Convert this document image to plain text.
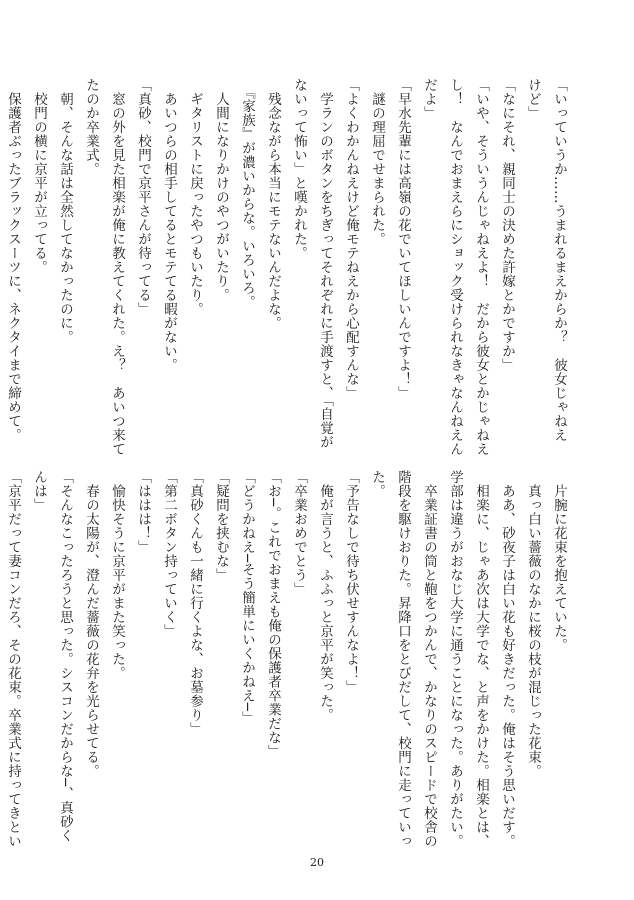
「いっていうか……うまれるまえからか？　彼女じゃねえ
けど」
「なにそれ、親同士の決めた許嫁とかですか」
「いや、そういうんじゃねえよ！　だから彼女とかじゃねえ
し！　なんでおまえらにショック受けられなきゃなんねえん
だよ」
「早水先輩には高嶺の花でいてほしいんですよ！」
　謎の理屈でせまられた。
「よくわかんねえけど俺モテねえから心配すんな」
　学ランのボタンをちぎってそれぞれに手渡すと、「自覚が
ないって怖い」と嘆かれた。
　残念ながら本当にモテないんだよな。
　『家族』が濃いからな。いろいろ。
　人間になりかけのやつがいたり。
　ギタリストに戻ったやつもいたり。
　あいつらの相手してるとモテてる暇がない。
「真砂、校門で京平さんが待ってる」
　窓の外を見た相楽が俺に教えてくれた。え？　あいつ来て
たのか卒業式。
　朝、そんな話は全然してなかったのに。
　校門の横に京平が立ってる。
　保護者ぶったブラックスーツに、ネクタイまで締めて。
　片腕に花束を抱えていた。
　真っ白い薔薇のなかに桜の枝が混じった花束。
　ああ、砂夜子は白い花も好きだった。俺はそう思いだす。
　相楽に、じゃあ次は大学でな、と声をかけた。相楽とは、
学部は違うがおなじ大学に通うことになった。ありがたい。
　卒業証書の筒と鞄をつかんで、かなりのスピードで校舎の
階段を駆けおりた。昇降口をとびだして、校門に走っていっ
た。
「予告なしで待ち伏せすんなよ！」
　俺が言うと、ふふっと京平が笑った。
「卒業おめでとう」
「お─。これでおまえも俺の保護者卒業だな」
「どうかねえ─そう簡単にいくかねえ─」
「疑問を挟むな」
「真砂くんも一緒に行くよな、お墓参り」
「第二ボタン持っていく」
「ははは！」
　愉快そうに京平がまた笑った。
　春の太陽が、澄んだ薔薇の花弁を光らせてる。
「そんなこったろうと思った。シスコンだからな─、真砂く
んは」
「京平だって妻コンだろ、その花束。卒業式に持ってきとい
20
